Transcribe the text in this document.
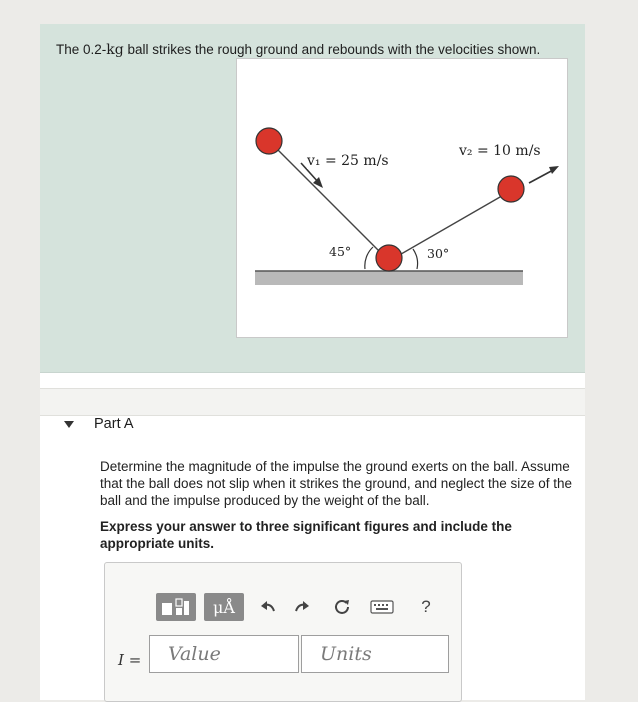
The 0.2-kg ball strikes the rough ground and rebounds with the velocities shown.
v₁ = 25 m/s
v₂ = 10 m/s
45°	30°
Part A
Determine the magnitude of the impulse the ground exerts on the ball. Assume that the ball does not slip when it strikes the ground, and neglect the size of the ball and the impulse produced by the weight of the ball.
Express your answer to three significant figures and include the appropriate units.
μÅ	?
I =	Value	Units
